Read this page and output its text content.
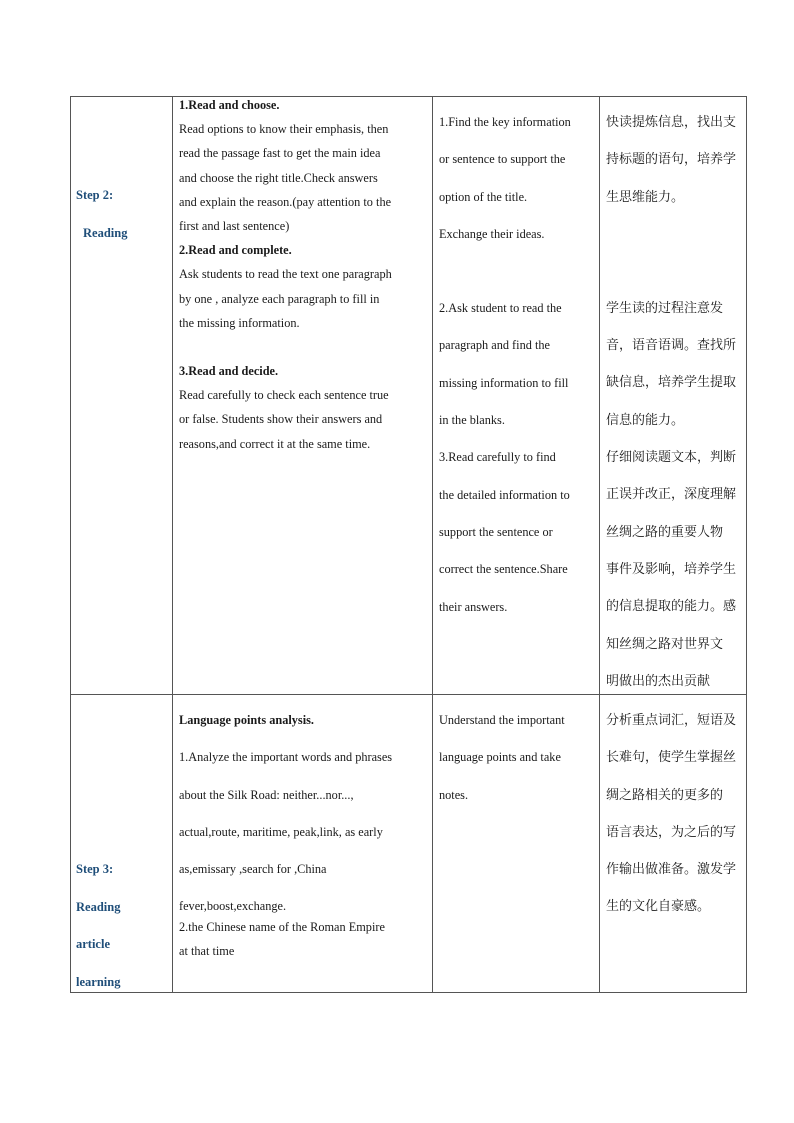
Step 2:
Reading

1.Read and choose.

Read options to know their emphasis, then

read the passage fast to get the main idea

and choose the right title.Check answers

and explain the reason.(pay attention to the

first and last sentence)

2.Read and complete.

Ask students to read the text one paragraph

by one , analyze each paragraph to fill in

the missing information.

3.Read and decide.

Read carefully to check each sentence true

or false. Students show their answers and

reasons,and correct it at the same time.

1.Find the key information
or sentence to support the
option of the title.
Exchange their ideas.
2.Ask student to read the
paragraph and find the
missing information to fill
in the blanks.
3.Read carefully to find
the detailed information to
support the sentence or
correct the sentence.Share
their answers.
快读提炼信息，找出支
持标题的语句，培养学
生思维能力。
学生读的过程注意发
音，语音语调。查找所
缺信息，培养学生提取
信息的能力。
仔细阅读题文本，判断
正误并改正，深度理解
丝绸之路的重要人物
事件及影响，培养学生
的信息提取的能力。感
知丝绸之路对世界文
明做出的杰出贡献
Step 3:
Reading
article
learning

Language points analysis.

1.Analyze the important words and phrases

about the Silk Road: neither...nor...,

actual,route, maritime, peak,link, as early

as,emissary ,search for ,China

fever,boost,exchange.

2.the Chinese name of the Roman Empire

at that time

Understand the important
language points and take
notes.
分析重点词汇，短语及
长难句，使学生掌握丝
绸之路相关的更多的
语言表达，为之后的写
作输出做准备。激发学
生的文化自豪感。
